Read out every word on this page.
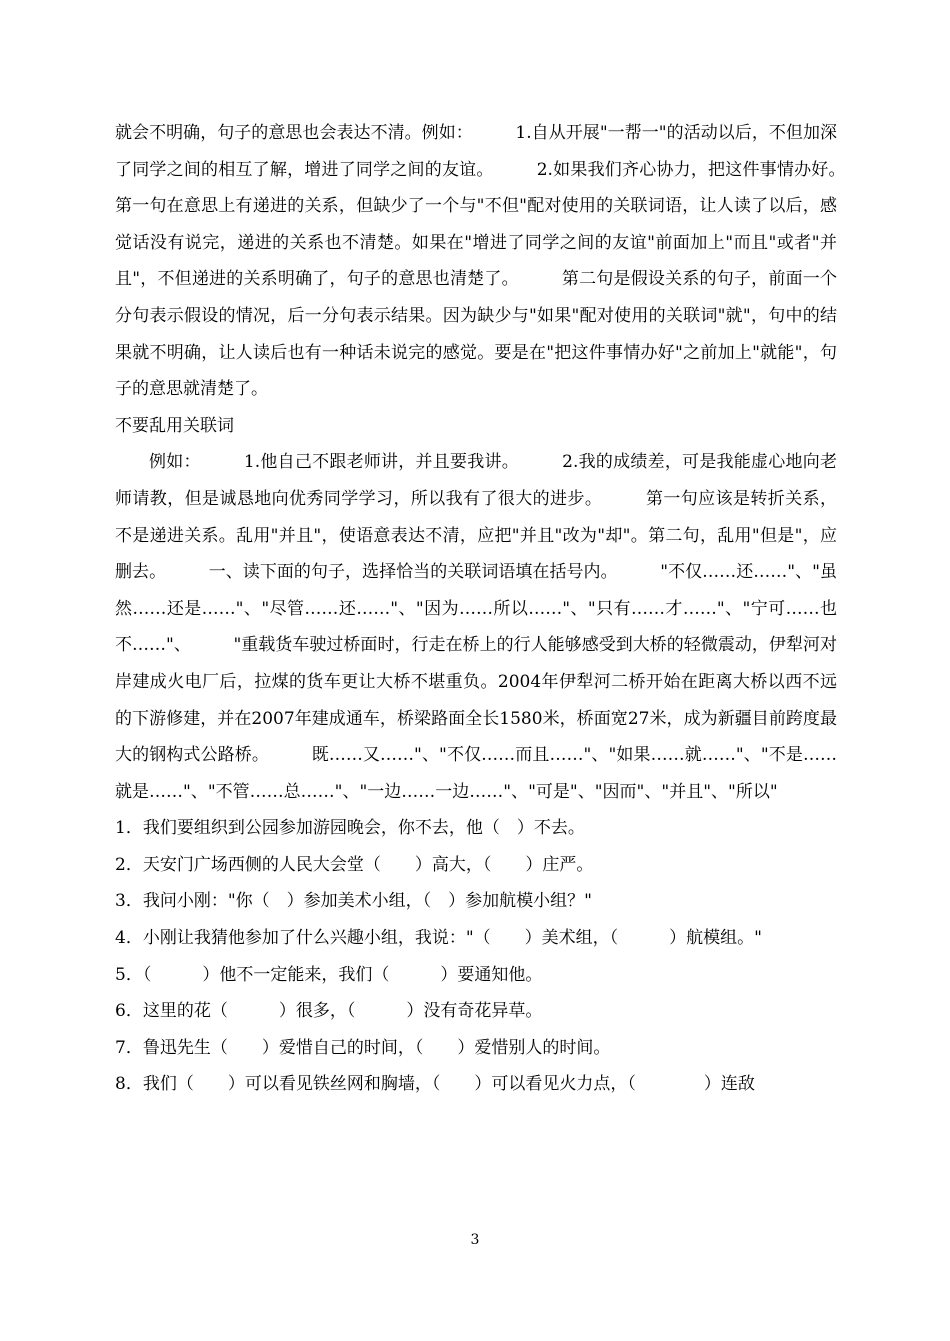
就会不明确，句子的意思也会表达不清。例如：　　　1.自从开展"一帮一"的活动以后，不但加深了同学之间的相互了解，增进了同学之间的友谊。　　　2.如果我们齐心协力，把这件事情办好。　　　第一句在意思上有递进的关系，但缺少了一个与"不但"配对使用的关联词语，让人读了以后，感觉话没有说完，递进的关系也不清楚。如果在"增进了同学之间的友谊"前面加上"而且"或者"并且"，不但递进的关系明确了，句子的意思也清楚了。　　　第二句是假设关系的句子，前面一个分句表示假设的情况，后一分句表示结果。因为缺少与"如果"配对使用的关联词"就"，句中的结果就不明确，让人读后也有一种话未说完的感觉。要是在"把这件事情办好"之前加上"就能"，句子的意思就清楚了。

不要乱用关联词

例如：　　　1.他自己不跟老师讲，并且要我讲。　　　2.我的成绩差，可是我能虚心地向老师请教，但是诚恳地向优秀同学学习，所以我有了很大的进步。　　　第一句应该是转折关系，不是递进关系。乱用"并且"，使语意表达不清，应把"并且"改为"却"。第二句，乱用"但是"，应删去。　　　一、读下面的句子，选择恰当的关联词语填在括号内。　　　"不仅……还……"、"虽然……还是……"、"尽管……还……"、"因为……所以……"、"只有……才……"、"宁可……也不……"、　　　"重载货车驶过桥面时，行走在桥上的行人能够感受到大桥的轻微震动，伊犁河对岸建成火电厂后，拉煤的货车更让大桥不堪重负。2004年伊犁河二桥开始在距离大桥以西不远的下游修建，并在2007年建成通车，桥梁路面全长1580米，桥面宽27米，成为新疆目前跨度最大的钢构式公路桥。　　　既……又……"、"不仅……而且……"、"如果……就……"、"不是……就是……"、"不管……总……"、"一边……一边……"、"可是"、"因而"、"并且"、"所以"

1．我们要组织到公园参加游园晚会，你不去，他（　）不去。
2．天安门广场西侧的人民大会堂（　　）高大，（　　）庄严。
3．我问小刚："你（　）参加美术小组，（　）参加航模小组？"
4．小刚让我猜他参加了什么兴趣小组，我说："（　　）美术组，（　　　）航模组。"
5．（　　　）他不一定能来，我们（　　　）要通知他。
6．这里的花（　　　）很多，（　　　）没有奇花异草。
7．鲁迅先生（　　）爱惜自己的时间，（　　）爱惜别人的时间。
8．我们（　　）可以看见铁丝网和胸墙，（　　）可以看见火力点，（　　　　）连敌
3
